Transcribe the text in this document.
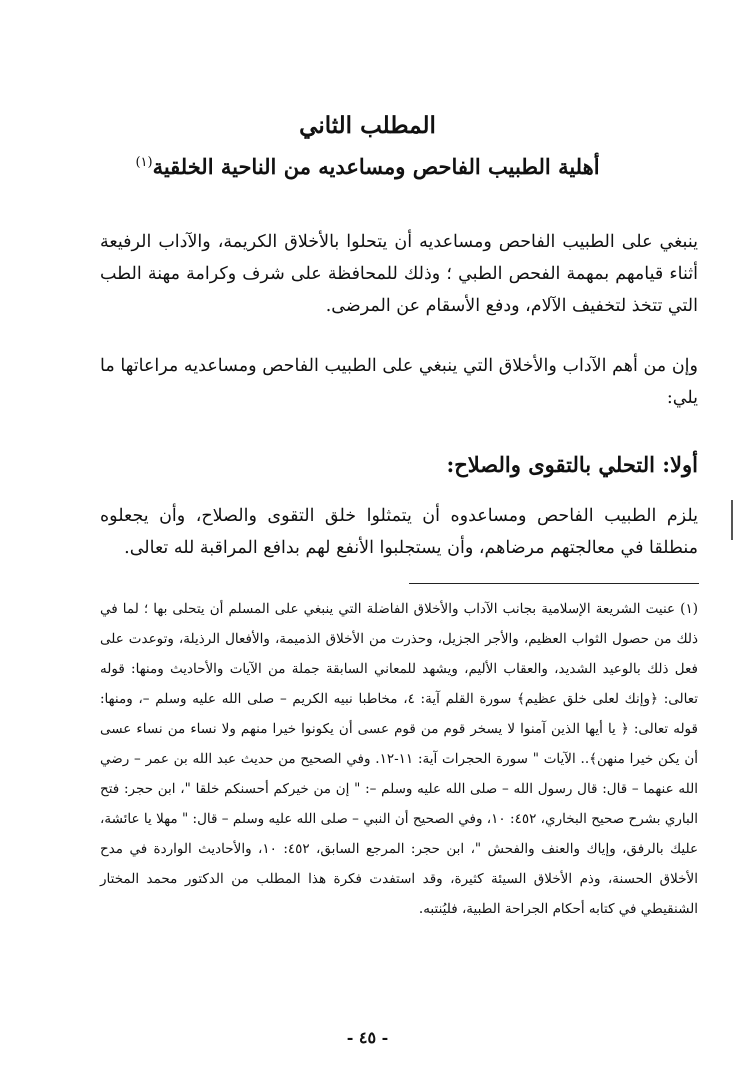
المطلب الثاني
أهلية الطبيب الفاحص ومساعديه من الناحية الخلقية$^{(١)}$

ينبغي على الطبيب الفاحص ومساعديه أن يتحلوا بالأخلاق الكريمة، والآداب الرفيعة أثناء قيامهم بمهمة الفحص الطبي ؛ وذلك للمحافظة على شرف وكرامة مهنة الطب التي تتخذ لتخفيف الآلام، ودفع الأسقام عن المرضى.

وإن من أهم الآداب والأخلاق التي ينبغي على الطبيب الفاحص ومساعديه مراعاتها ما يلي:

أولا: التحلي بالتقوى والصلاح:

يلزم الطبيب الفاحص ومساعدوه أن يتمثلوا خلق التقوى والصلاح، وأن يجعلوه منطلقا في معالجتهم مرضاهم، وأن يستجلبوا الأنفع لهم بدافع المراقبة لله تعالى.

(١) عنيت الشريعة الإسلامية بجانب الآداب والأخلاق الفاضلة التي ينبغي على المسلم أن يتحلى بها ؛ لما في ذلك من حصول الثواب العظيم، والأجر الجزيل، وحذرت من الأخلاق الذميمة، والأفعال الرذيلة، وتوعدت على فعل ذلك بالوعيد الشديد، والعقاب الأليم، ويشهد للمعاني السابقة جملة من الآيات والأحاديث ومنها: قوله تعالى: ﴿وإنك لعلى خلق عظيم﴾ سورة القلم آية: ٤، مخاطبا نبيه الكريم – صلى الله عليه وسلم –، ومنها: قوله تعالى: ﴿ يا أيها الذين آمنوا لا يسخر قوم من قوم عسى أن يكونوا خيرا منهم ولا نساء من نساء عسى أن يكن خيرا منهن﴾.. الآيات " سورة الحجرات آية: ١١-١٢. وفي الصحيح من حديث عبد الله بن عمر – رضي الله عنهما – قال: قال رسول الله – صلى الله عليه وسلم –: " إن من خيركم أحسنكم خلقا "، ابن حجر: فتح الباري بشرح صحيح البخاري، ٤٥٢: ١٠، وفي الصحيح أن النبي – صلى الله عليه وسلم – قال: " مهلا يا عائشة، عليك بالرفق، وإياك والعنف والفحش "، ابن حجر: المرجع السابق، ٤٥٢: ١٠، والأحاديث الواردة في مدح الأخلاق الحسنة، وذم الأخلاق السيئة كثيرة، وقد استفدت فكرة هذا المطلب من الدكتور محمد المختار الشنقيطي في كتابه أحكام الجراحة الطبية، فليُنتبه.

- ٤٥ -
